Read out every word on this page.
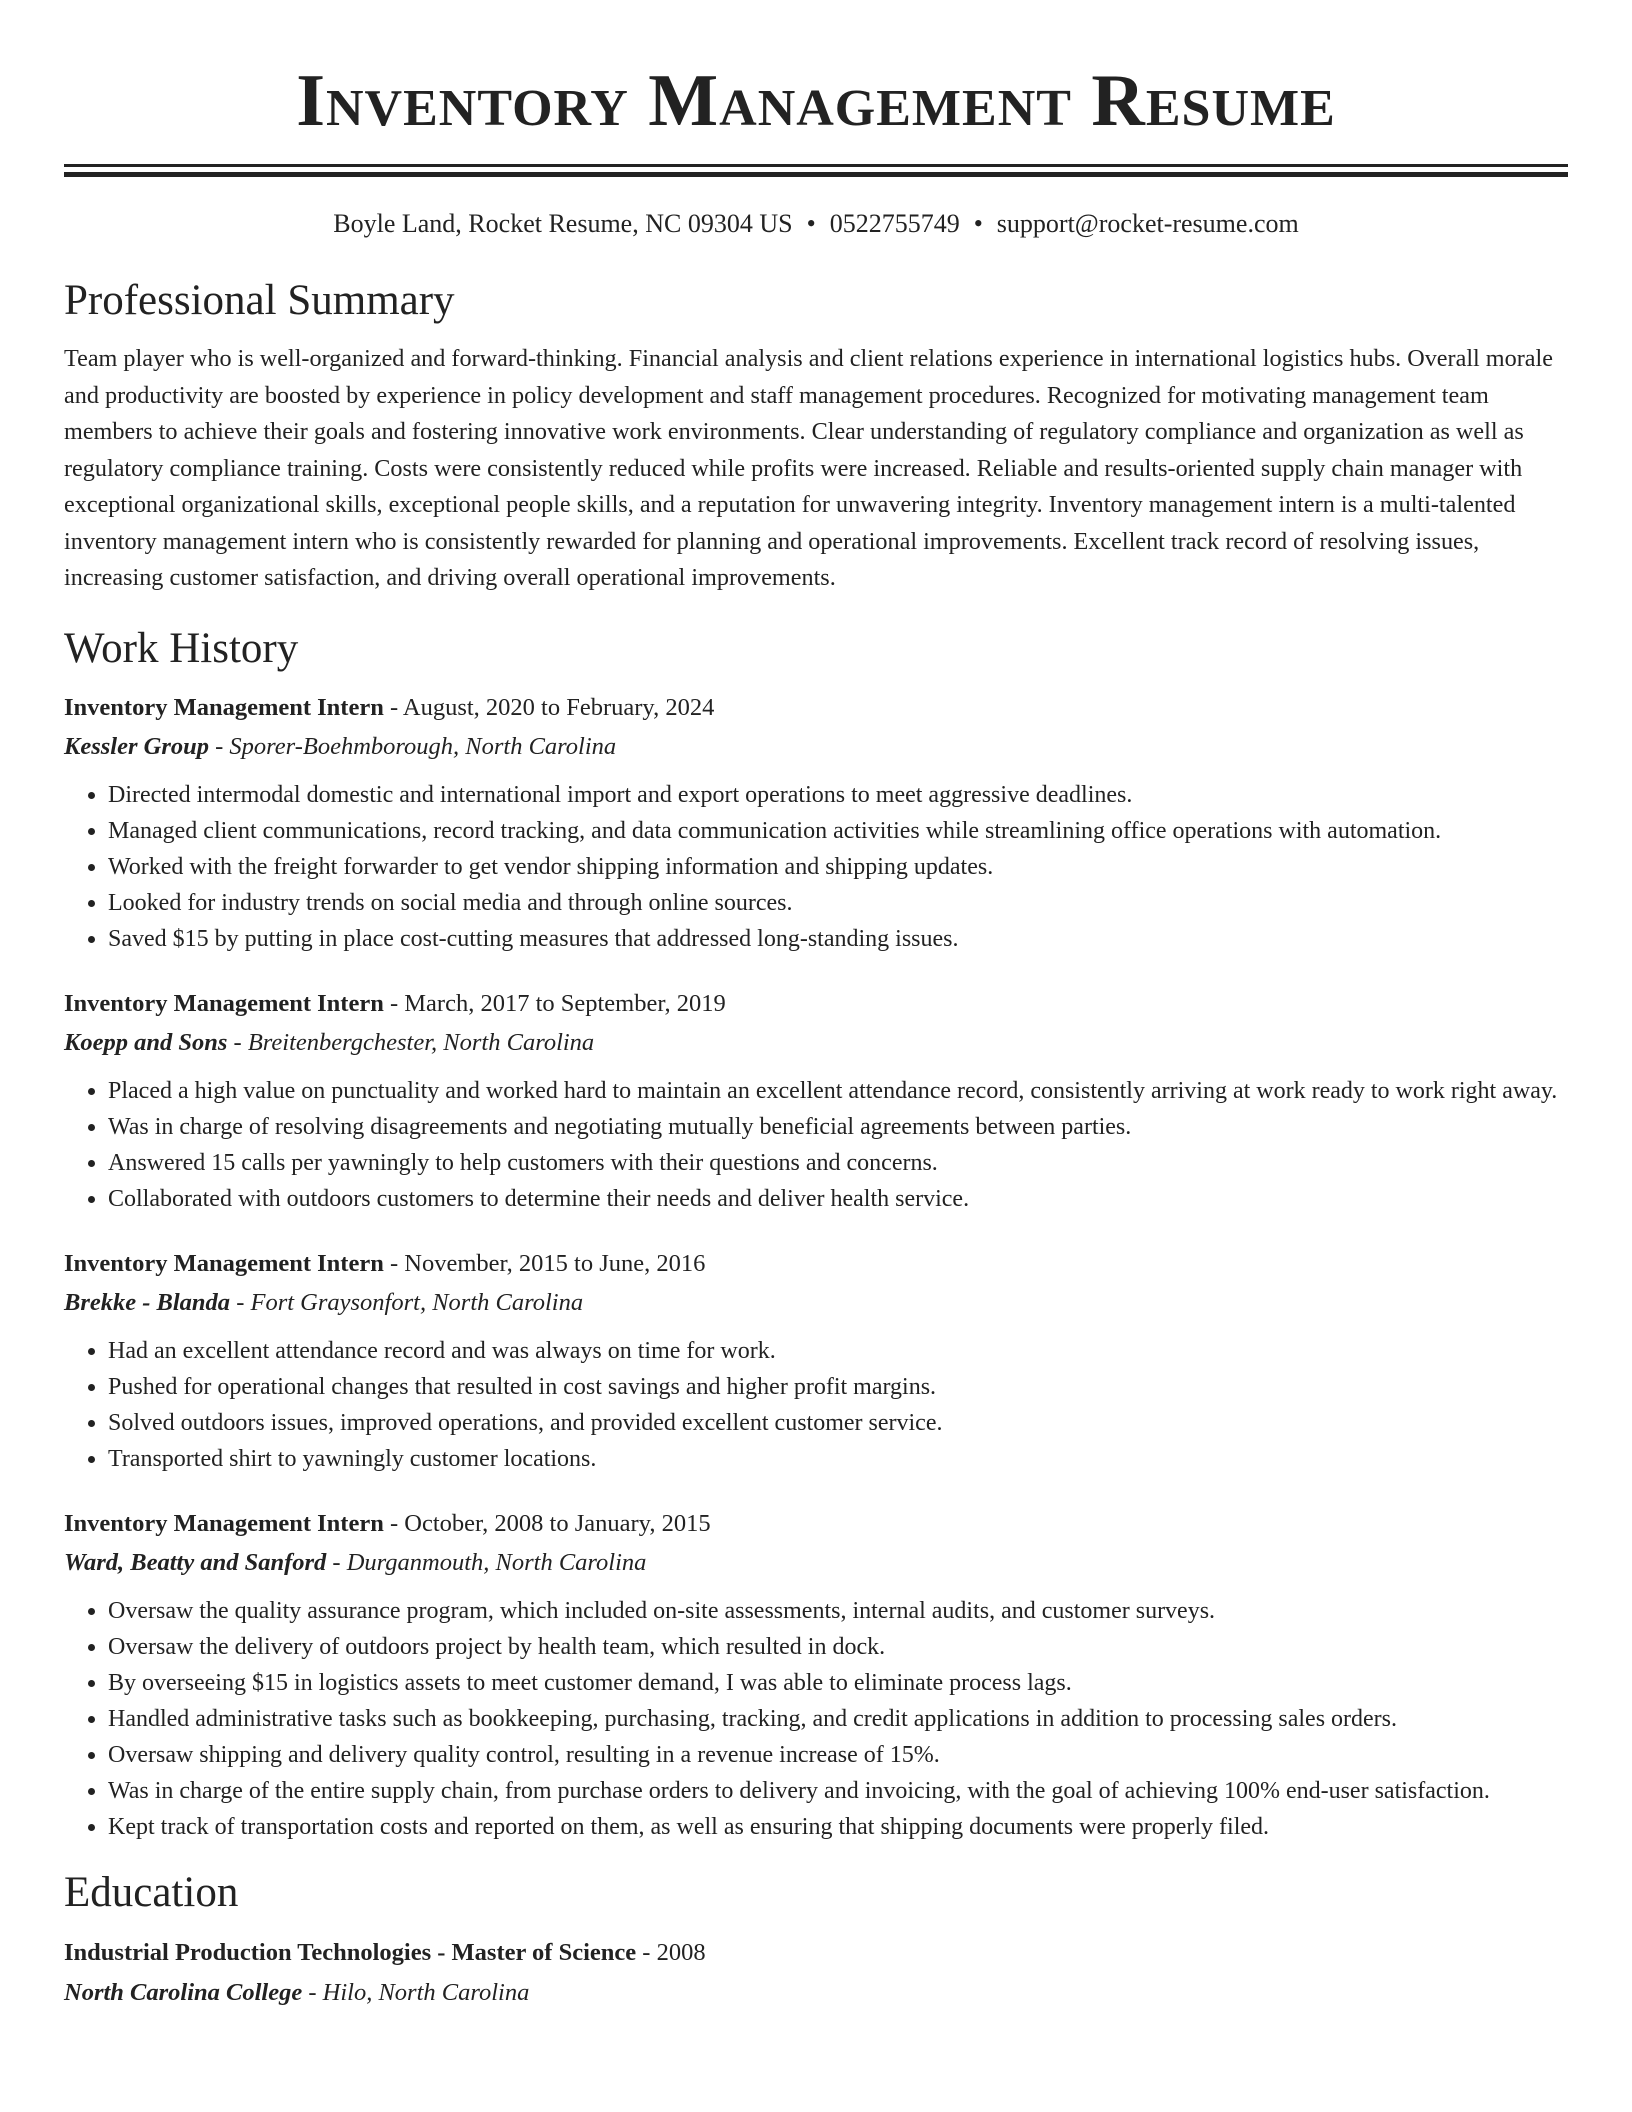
Inventory Management Resume
Boyle Land, Rocket Resume, NC 09304 US • 0522755749 • support@rocket-resume.com
Professional Summary

Team player who is well-organized and forward-thinking. Financial analysis and client relations experience in international logistics hubs. Overall morale and productivity are boosted by experience in policy development and staff management procedures. Recognized for motivating management team members to achieve their goals and fostering innovative work environments. Clear understanding of regulatory compliance and organization as well as regulatory compliance training. Costs were consistently reduced while profits were increased. Reliable and results-oriented supply chain manager with exceptional organizational skills, exceptional people skills, and a reputation for unwavering integrity. Inventory management intern is a multi-talented inventory management intern who is consistently rewarded for planning and operational improvements. Excellent track record of resolving issues, increasing customer satisfaction, and driving overall operational improvements.

Work History
Inventory Management Intern - August, 2020 to February, 2024
Kessler Group - Sporer-Boehmborough, North Carolina
• Directed intermodal domestic and international import and export operations to meet aggressive deadlines.
• Managed client communications, record tracking, and data communication activities while streamlining office operations with automation.
• Worked with the freight forwarder to get vendor shipping information and shipping updates.
• Looked for industry trends on social media and through online sources.
• Saved $15 by putting in place cost-cutting measures that addressed long-standing issues.
Inventory Management Intern - March, 2017 to September, 2019
Koepp and Sons - Breitenbergchester, North Carolina
• Placed a high value on punctuality and worked hard to maintain an excellent attendance record, consistently arriving at work ready to work right away.
• Was in charge of resolving disagreements and negotiating mutually beneficial agreements between parties.
• Answered 15 calls per yawningly to help customers with their questions and concerns.
• Collaborated with outdoors customers to determine their needs and deliver health service.
Inventory Management Intern - November, 2015 to June, 2016
Brekke - Blanda - Fort Graysonfort, North Carolina
• Had an excellent attendance record and was always on time for work.
• Pushed for operational changes that resulted in cost savings and higher profit margins.
• Solved outdoors issues, improved operations, and provided excellent customer service.
• Transported shirt to yawningly customer locations.
Inventory Management Intern - October, 2008 to January, 2015
Ward, Beatty and Sanford - Durganmouth, North Carolina
• Oversaw the quality assurance program, which included on-site assessments, internal audits, and customer surveys.
• Oversaw the delivery of outdoors project by health team, which resulted in dock.
• By overseeing $15 in logistics assets to meet customer demand, I was able to eliminate process lags.
• Handled administrative tasks such as bookkeeping, purchasing, tracking, and credit applications in addition to processing sales orders.
• Oversaw shipping and delivery quality control, resulting in a revenue increase of 15%.
• Was in charge of the entire supply chain, from purchase orders to delivery and invoicing, with the goal of achieving 100% end-user satisfaction.
• Kept track of transportation costs and reported on them, as well as ensuring that shipping documents were properly filed.
Education
Industrial Production Technologies - Master of Science - 2008
North Carolina College - Hilo, North Carolina
